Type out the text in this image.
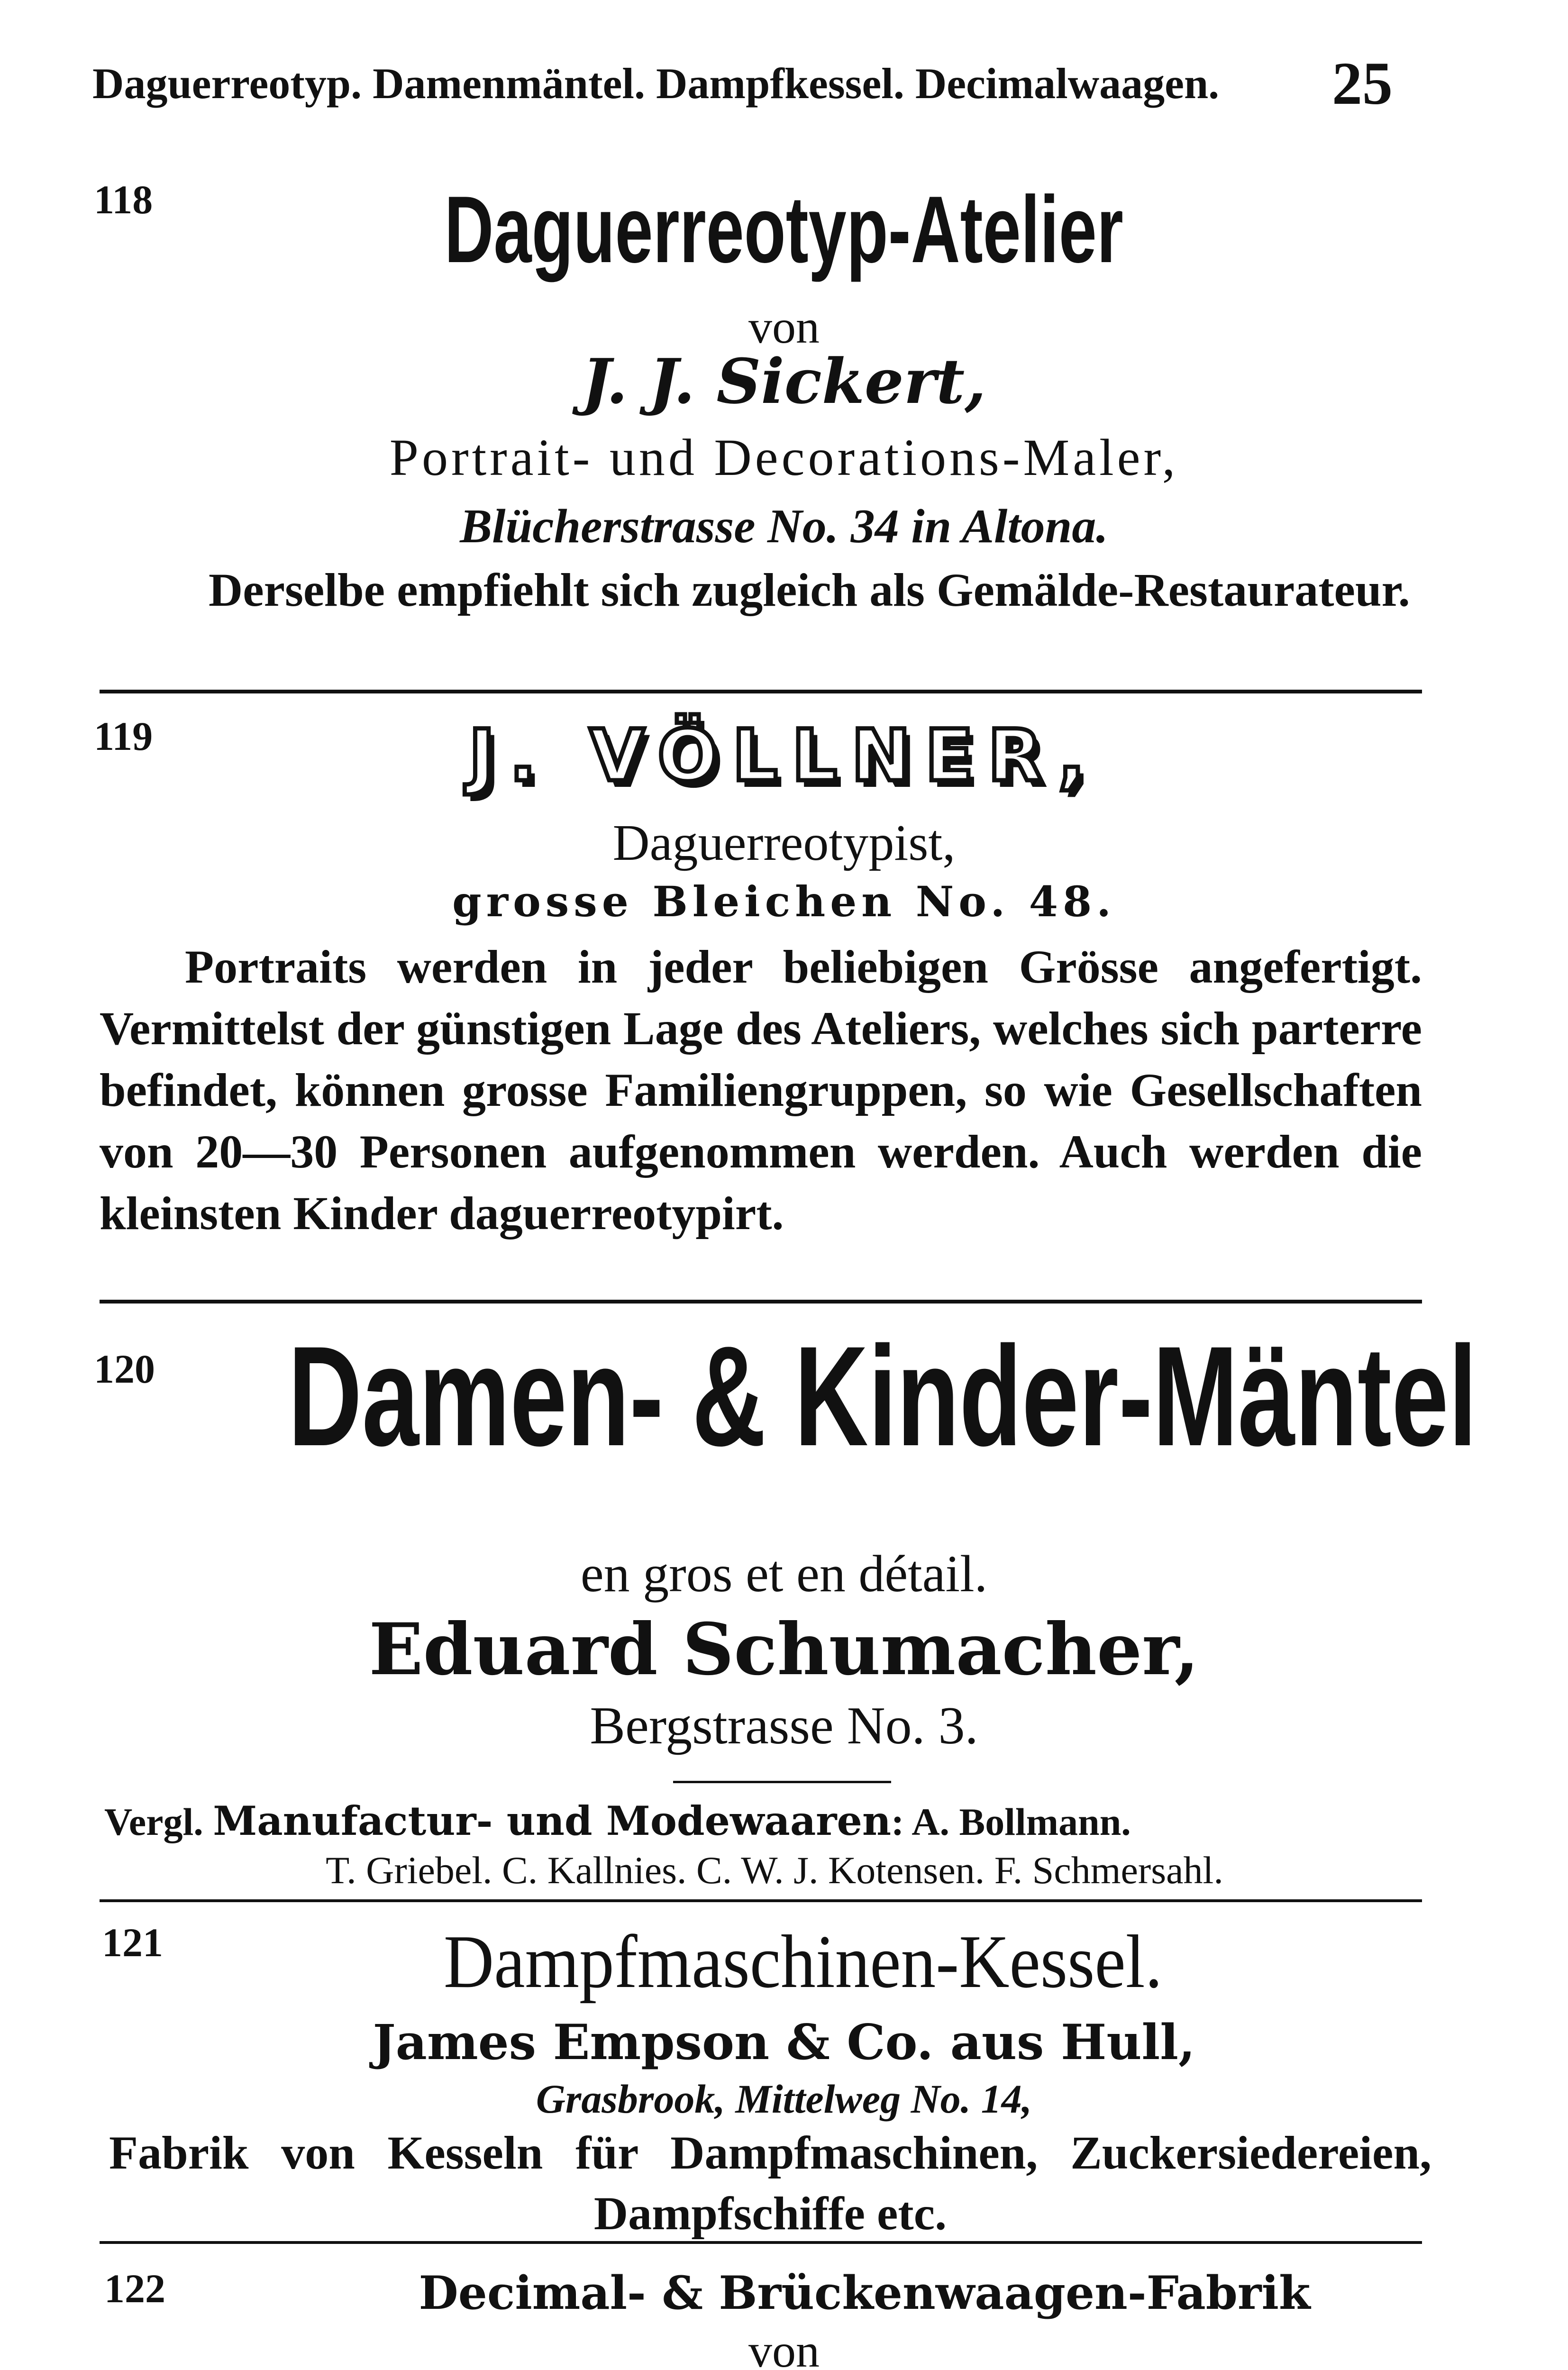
Daguerreotyp. Damenmäntel. Dampfkessel. Decimalwaagen. 25
118	Daguerreotyp-Atelier
von
J. J. Sickert,
Portrait- und Decorations-Maler,
Blücherstrasse No. 34 in Altona.
Derselbe empfiehlt sich zugleich als Gemälde-Restaurateur.
119	J. VÖLLNER,
Daguerreotypist,
grosse Bleichen No. 48.
Portraits werden in jeder beliebigen Grösse angefertigt. Vermittelst der günstigen Lage des Ateliers, welches sich parterre befindet, können grosse Familiengruppen, so wie Gesellschaften von 20—30 Personen aufgenommen werden. Auch werden die kleinsten Kinder daguerreotypirt.
120 Damen- & Kinder-Mäntel
en gros et en détail.
Eduard Schumacher,
Bergstrasse No. 3.
Vergl. Manufactur- und Modewaaren: A. Bollmann.
T. Griebel. C. Kallnies. C. W. J. Kotensen. F. Schmersahl.
121	Dampfmaschinen-Kessel.
James Empson & Co. aus Hull,
Grasbrook, Mittelweg No. 14,
Fabrik von Kesseln für Dampfmaschinen, Zuckersiedereien, Dampfschiffe etc.
122	Decimal- & Brückenwaagen-Fabrik
von
